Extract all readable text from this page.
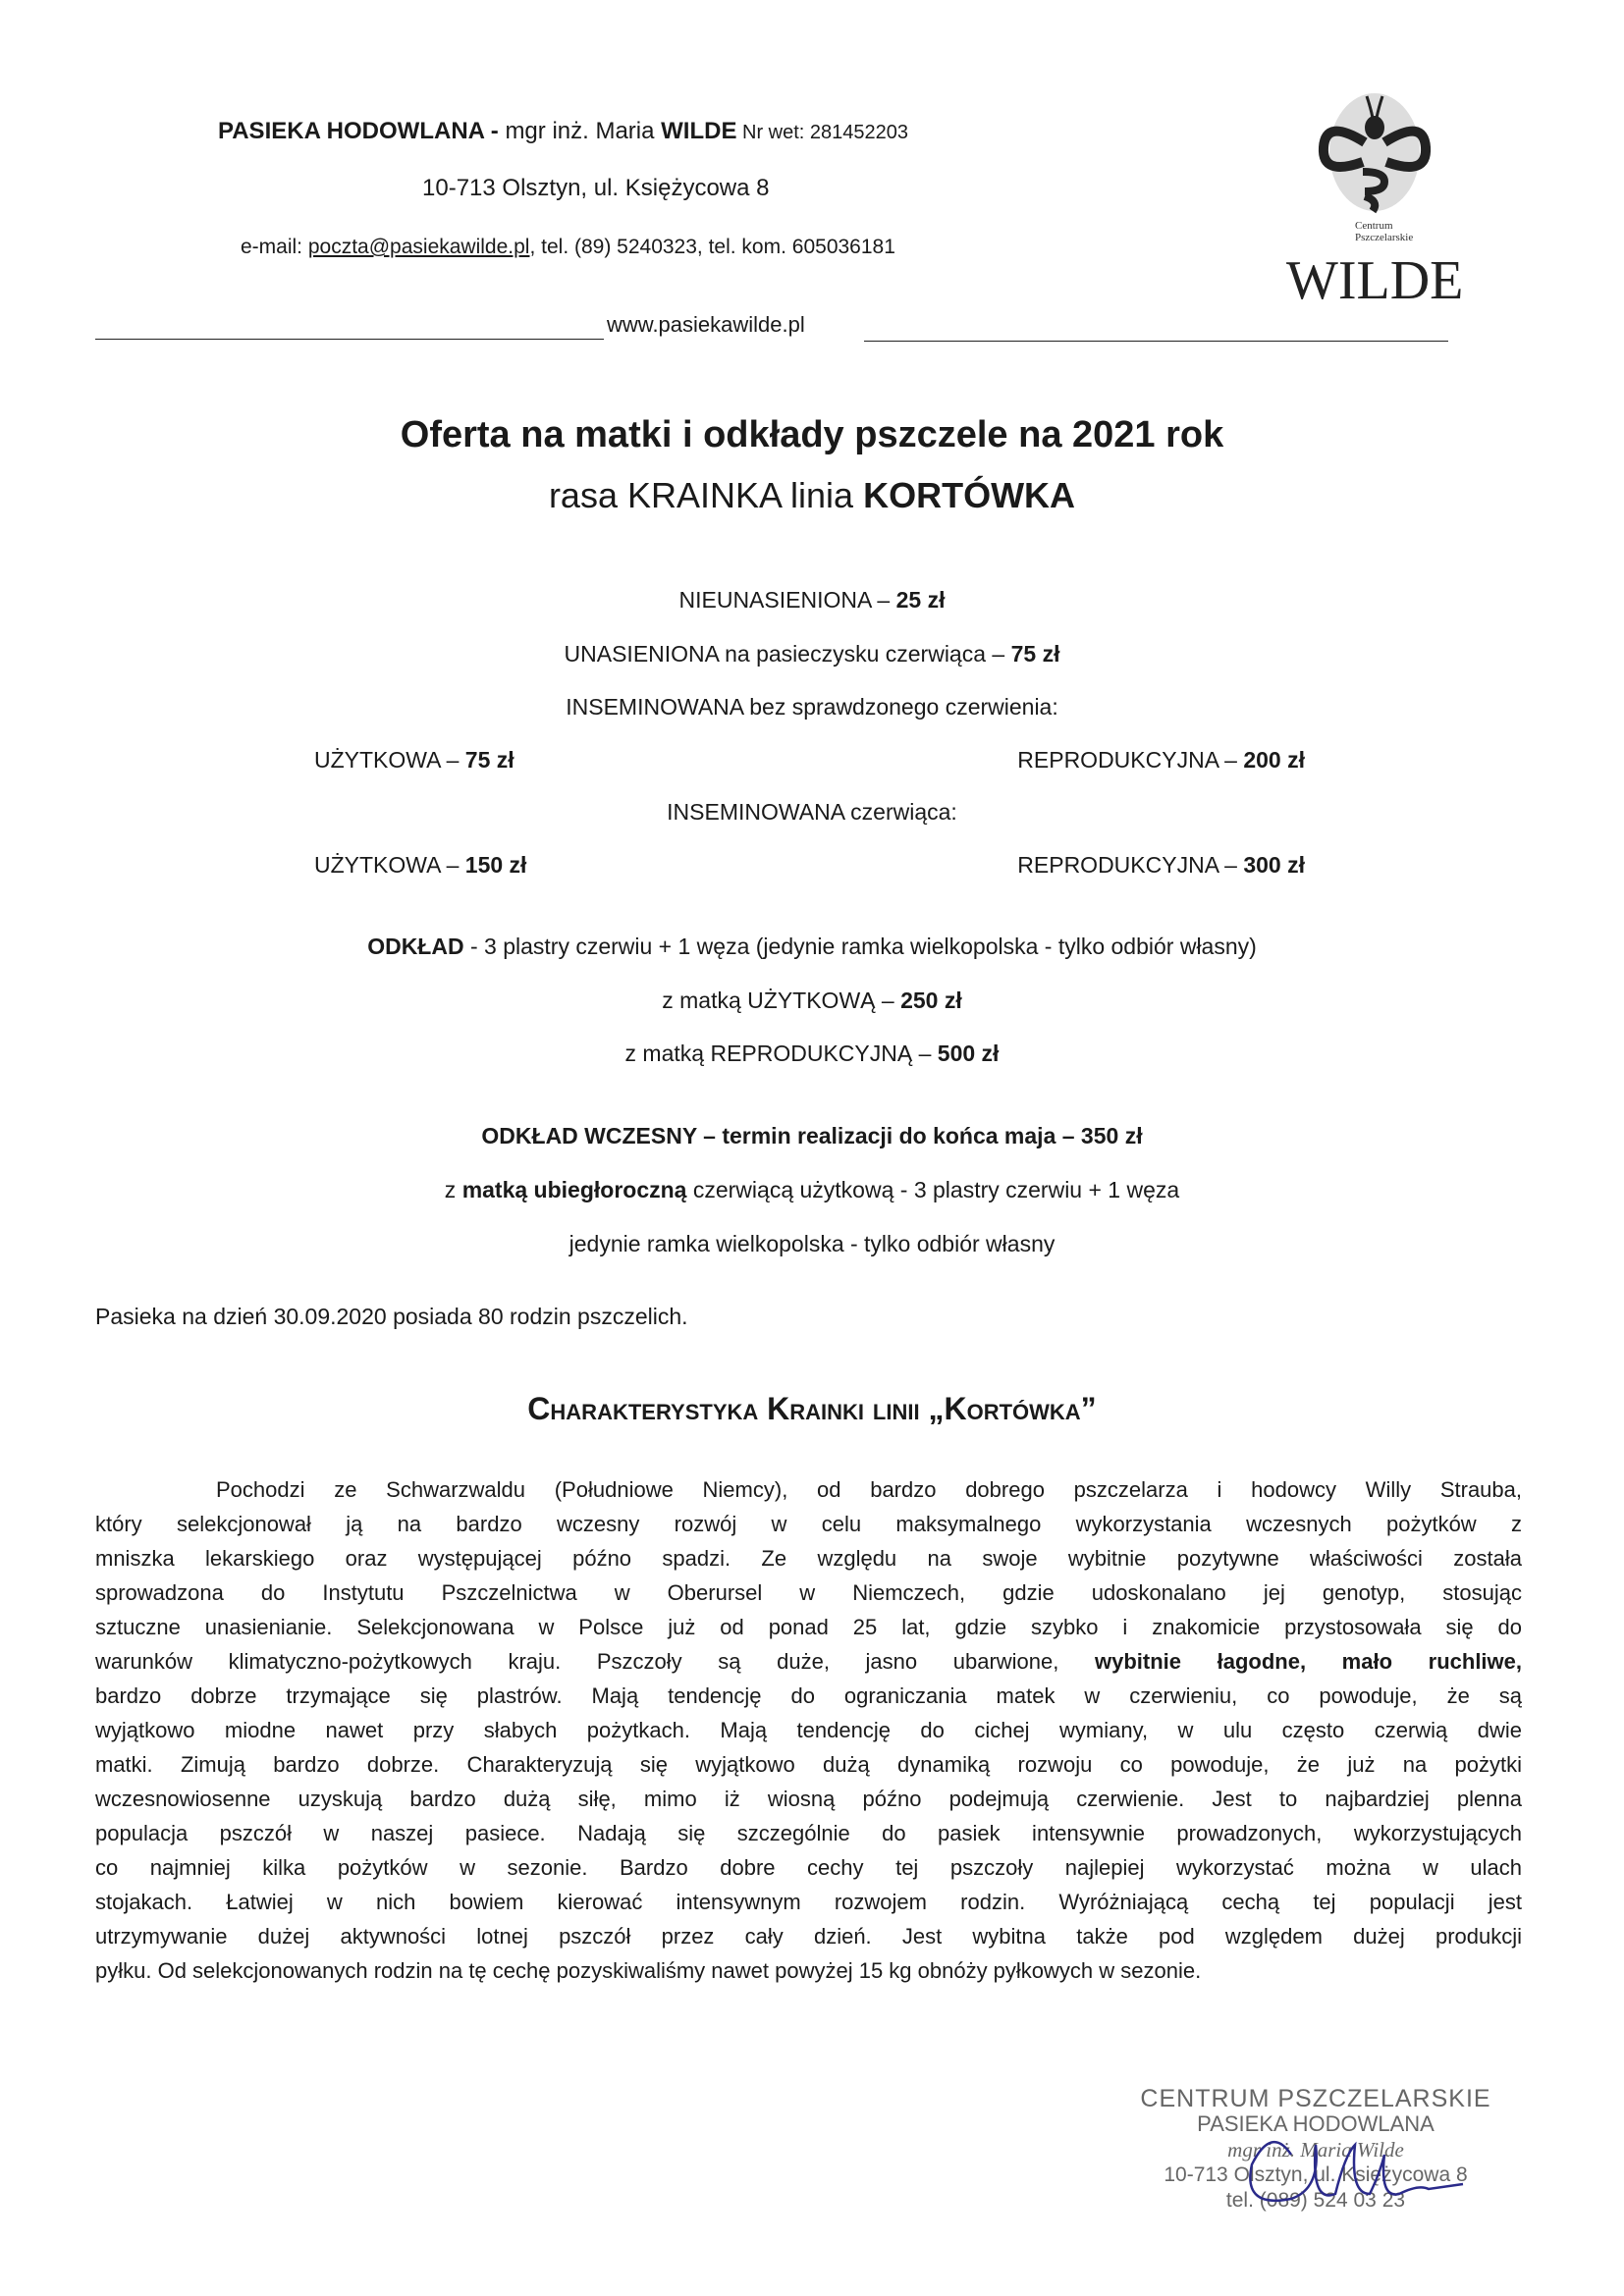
PASIEKA HODOWLANA - mgr inż. Maria WILDE Nr wet: 281452203
10-713 Olsztyn, ul. Księżycowa 8
e-mail: poczta@pasiekawilde.pl, tel. (89) 5240323, tel. kom. 605036181
www.pasiekawilde.pl
Centrum
Pszczelarskie
WILDE
Oferta na matki i odkłady pszczele na 2021 rok
rasa KRAINKA linia KORTÓWKA
NIEUNASIENIONA – 25 zł
UNASIENIONA na pasieczysku czerwiąca – 75 zł
INSEMINOWANA bez sprawdzonego czerwienia:
UŻYTKOWA – 75 zł	REPRODUKCYJNA – 200 zł
INSEMINOWANA czerwiąca:
UŻYTKOWA – 150 zł	REPRODUKCYJNA – 300 zł
ODKŁAD - 3 plastry czerwiu + 1 węza (jedynie ramka wielkopolska - tylko odbiór własny)
z matką UŻYTKOWĄ – 250 zł
z matką REPRODUKCYJNĄ – 500 zł
ODKŁAD WCZESNY – termin realizacji do końca maja – 350 zł
z matką ubiegłoroczną czerwiącą użytkową - 3 plastry czerwiu + 1 węza
jedynie ramka wielkopolska - tylko odbiór własny
Pasieka na dzień 30.09.2020 posiada 80 rodzin pszczelich.
Charakterystyka Krainki linii „Kortówka”
Pochodzi ze Schwarzwaldu (Południowe Niemcy), od bardzo dobrego pszczelarza i hodowcy Willy Strauba,
który selekcjonował ją na bardzo wczesny rozwój w celu maksymalnego wykorzystania wczesnych pożytków z
mniszka lekarskiego oraz występującej późno spadzi. Ze względu na swoje wybitnie pozytywne właściwości została
sprowadzona do Instytutu Pszczelnictwa w Oberursel w Niemczech, gdzie udoskonalano jej genotyp, stosując
sztuczne unasienianie. Selekcjonowana w Polsce już od ponad 25 lat, gdzie szybko i znakomicie przystosowała się do
warunków klimatyczno-pożytkowych kraju. Pszczoły są duże, jasno ubarwione, wybitnie łagodne, mało ruchliwe,
bardzo dobrze trzymające się plastrów. Mają tendencję do ograniczania matek w czerwieniu, co powoduje, że są
wyjątkowo miodne nawet przy słabych pożytkach. Mają tendencję do cichej wymiany, w ulu często czerwią dwie
matki. Zimują bardzo dobrze. Charakteryzują się wyjątkowo dużą dynamiką rozwoju co powoduje, że już na pożytki
wczesnowiosenne uzyskują bardzo dużą siłę, mimo iż wiosną późno podejmują czerwienie. Jest to najbardziej plenna
populacja pszczół w naszej pasiece. Nadają się szczególnie do pasiek intensywnie prowadzonych, wykorzystujących
co najmniej kilka pożytków w sezonie. Bardzo dobre cechy tej pszczoły najlepiej wykorzystać można w ulach
stojakach. Łatwiej w nich bowiem kierować intensywnym rozwojem rodzin. Wyróżniającą cechą tej populacji jest
utrzymywanie dużej aktywności lotnej pszczół przez cały dzień. Jest wybitna także pod względem dużej produkcji
pyłku. Od selekcjonowanych rodzin na tę cechę pozyskiwaliśmy nawet powyżej 15 kg obnóży pyłkowych w sezonie.
CENTRUM PSZCZELARSKIE
PASIEKA HODOWLANA
mgr inż. Maria Wilde
10-713 Olsztyn, ul. Księżycowa 8
tel. (089) 524 03 23
